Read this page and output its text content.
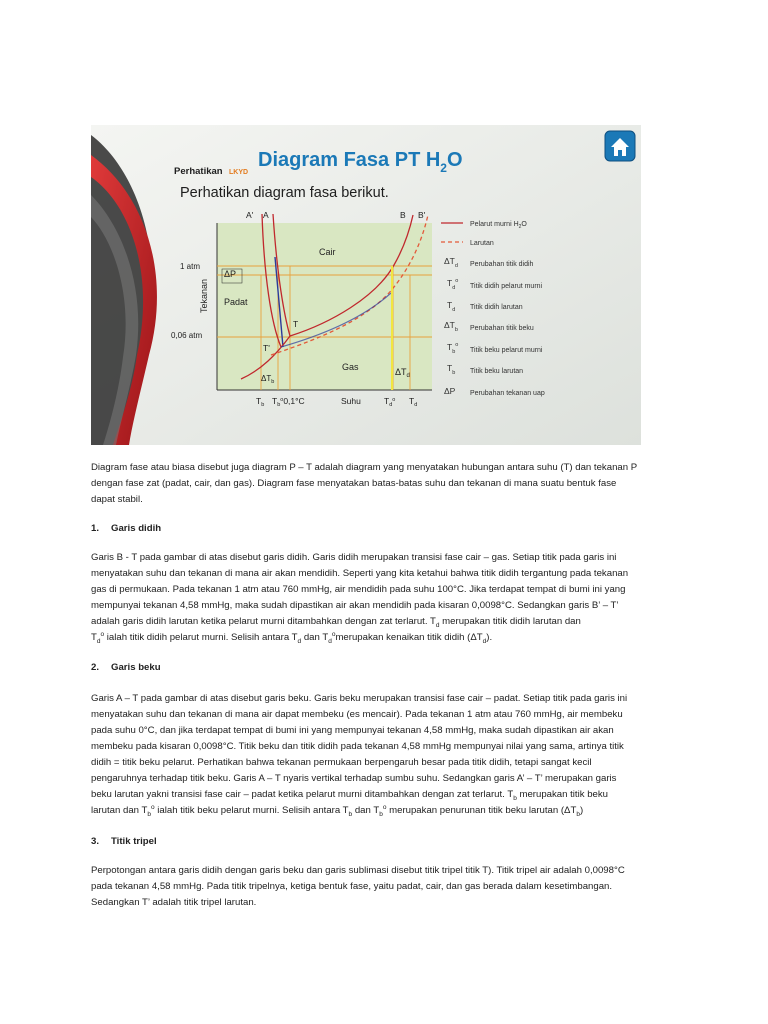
Perhatikan LKYD
Diagram Fasa PT $H_2O$
Perhatikan diagram fasa berikut.
A' A	B B'
T
T'
Cair
Padat
Gas
ΔP
$\Delta T_b$
$\Delta T_d$
1 atm
0,06 atm
Tekanan
$T_b$ $T_b^o0,1^\circ C$	Suhu	$T_d^o$ $T_d$
Pelarut murni $H_2O$
Larutan
$\Delta T_d$ Perubahan titik didih
$T_d^o$
Titik didih pelarut murni
$T_d$ Titik didih larutan
$\Delta T_b$ Perubahan titik beku
$T_b^o$
Titik beku pelarut murni
$T_b$ Titik beku larutan
ΔP Perubahan tekanan uap

Diagram fase atau biasa disebut juga diagram P – T adalah diagram yang menyatakan hubungan antara suhu (T) dan tekanan P

dengan fase zat (padat, cair, dan gas). Diagram fase menyatakan batas-batas suhu dan tekanan di mana suatu bentuk fase

dapat stabil.

1. Garis didih

Garis B - T pada gambar di atas disebut garis didih. Garis didih merupakan transisi fase cair – gas. Setiap titik pada garis ini

menyatakan suhu dan tekanan di mana air akan mendidih. Seperti yang kita ketahui bahwa titik didih tergantung pada tekanan

gas di permukaan. Pada tekanan 1 atm atau 760 mmHg, air mendidih pada suhu 100°C. Jika terdapat tempat di bumi ini yang

mempunyai tekanan 4,58 mmHg, maka sudah dipastikan air akan mendidih pada kisaran 0,0098°C. Sedangkan garis B’ – T’

adalah garis didih larutan ketika pelarut murni ditambahkan dengan zat terlarut. $T_d$ merupakan titik didih larutan dan

$T_d^o$ ialah titik didih pelarut murni. Selisih antara $T_d$ dan $T_d^omerupakan$ kenaikan titik didih $(\Delta T_d)$.

2. Garis beku

Garis A – T pada gambar di atas disebut garis beku. Garis beku merupakan transisi fase cair – padat. Setiap titik pada garis ini

menyatakan suhu dan tekanan di mana air dapat membeku (es mencair). Pada tekanan 1 atm atau 760 mmHg, air membeku

pada suhu 0°C, dan jika terdapat tempat di bumi ini yang mempunyai tekanan 4,58 mmHg, maka sudah dipastikan air akan

membeku pada kisaran 0,0098°C. Titik beku dan titik didih pada tekanan 4,58 mmHg mempunyai nilai yang sama, artinya titik

didih = titik beku pelarut. Perhatikan bahwa tekanan permukaan berpengaruh besar pada titik didih, tetapi sangat kecil

pengaruhnya terhadap titik beku. Garis A – T nyaris vertikal terhadap sumbu suhu. Sedangkan garis A’ – T’ merupakan garis

beku larutan yakni transisi fase cair – padat ketika pelarut murni ditambahkan dengan zat terlarut. $T_b$ merupakan titik beku

larutan dan $T_b^o$ ialah titik beku pelarut murni. Selisih antara $T_b$ dan $T_b^o$ merupakan penurunan titik beku larutan $(\Delta T_b)$

3. Titik tripel

Perpotongan antara garis didih dengan garis beku dan garis sublimasi disebut titik tripel titik T). Titik tripel air adalah 0,0098°C

pada tekanan 4,58 mmHg. Pada titik tripelnya, ketiga bentuk fase, yaitu padat, cair, dan gas berada dalam kesetimbangan.

Sedangkan T’ adalah titik tripel larutan.
